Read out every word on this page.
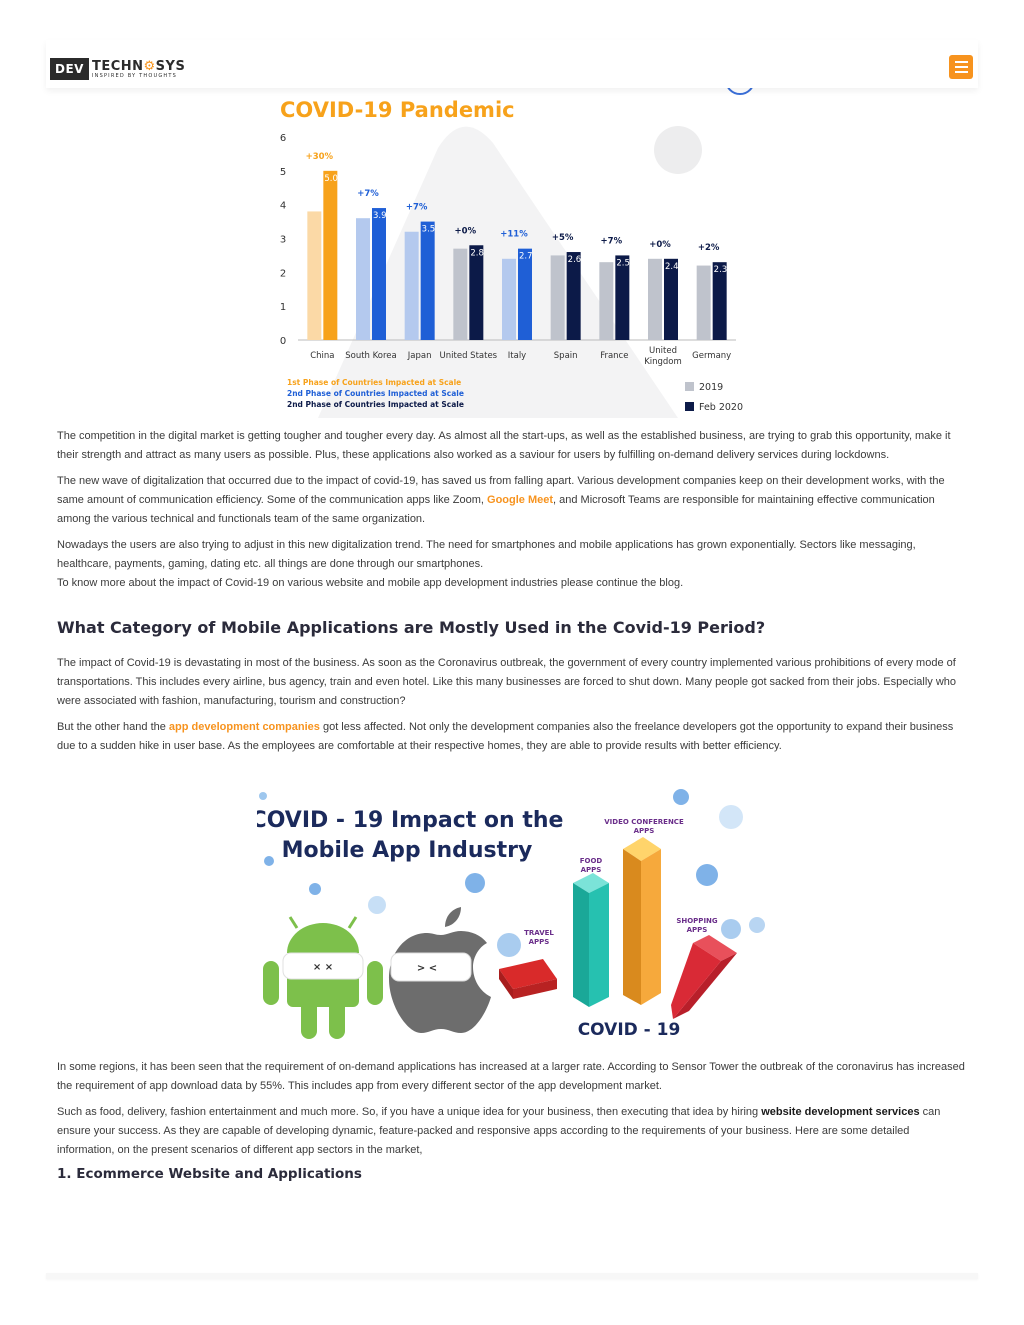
DEV TECHN⚙SYS
INSPIRED BY THOUGHTS
COVID-19 Pandemic
0
1
2
3
4
5
6
5.0
+30%
China
3.9
+7%
South Korea
3.5
+7%
Japan
2.8
+0%
United States
2.7
+11%
Italy
2.6
+5%
Spain
2.5
+7%
France
2.4
+0%
United
Kingdom
2.3
+2%
Germany
1st Phase of Countries Impacted at Scale
2nd Phase of Countries Impacted at Scale
2nd Phase of Countries Impacted at Scale
2019
Feb 2020

The competition in the digital market is getting tougher and tougher every day. As almost all the start-ups, as well as the established business, are trying to grab this opportunity, make it their strength and attract as many users as possible. Plus, these applications also worked as a saviour for users by fulfilling on-demand delivery services during lockdowns.

The new wave of digitalization that occurred due to the impact of covid-19, has saved us from falling apart. Various development companies keep on their development works, with the same amount of communication efficiency. Some of the communication apps like Zoom, Google Meet, and Microsoft Teams are responsible for maintaining effective communication among the various technical and functionals team of the same organization.

Nowadays the users are also trying to adjust in this new digitalization trend. The need for smartphones and mobile applications has grown exponentially. Sectors like messaging, healthcare, payments, gaming, dating etc. all things are done through our smartphones.

To know more about the impact of Covid-19 on various website and mobile app development industries please continue the blog.

What Category of Mobile Applications are Mostly Used in the Covid-19 Period?

The impact of Covid-19 is devastating in most of the business. As soon as the Coronavirus outbreak, the government of every country implemented various prohibitions of every mode of transportations. This includes every airline, bus agency, train and even hotel. Like this many businesses are forced to shut down. Many people got sacked from their jobs. Especially who were associated with fashion, manufacturing, tourism and construction?

But the other hand the app development companies got less affected. Not only the development companies also the freelance developers got the opportunity to expand their business due to a sudden hike in user base. As the employees are comfortable at their respective homes, they are able to provide results with better efficiency.

COVID - 19 Impact on the
Mobile App Industry
× ×	> <
VIDEO CONFERENCE
APPS
FOOD
APPS
TRAVEL
APPS
SHOPPING
APPS
COVID - 19

In some regions, it has been seen that the requirement of on-demand applications has increased at a larger rate. According to Sensor Tower the outbreak of the coronavirus has increased the requirement of app download data by 55%. This includes app from every different sector of the app development market.

Such as food, delivery, fashion entertainment and much more. So, if you have a unique idea for your business, then executing that idea by hiring website development services can ensure your success. As they are capable of developing dynamic, feature-packed and responsive apps according to the requirements of your business. Here are some detailed information, on the present scenarios of different app sectors in the market,

1. Ecommerce Website and Applications
